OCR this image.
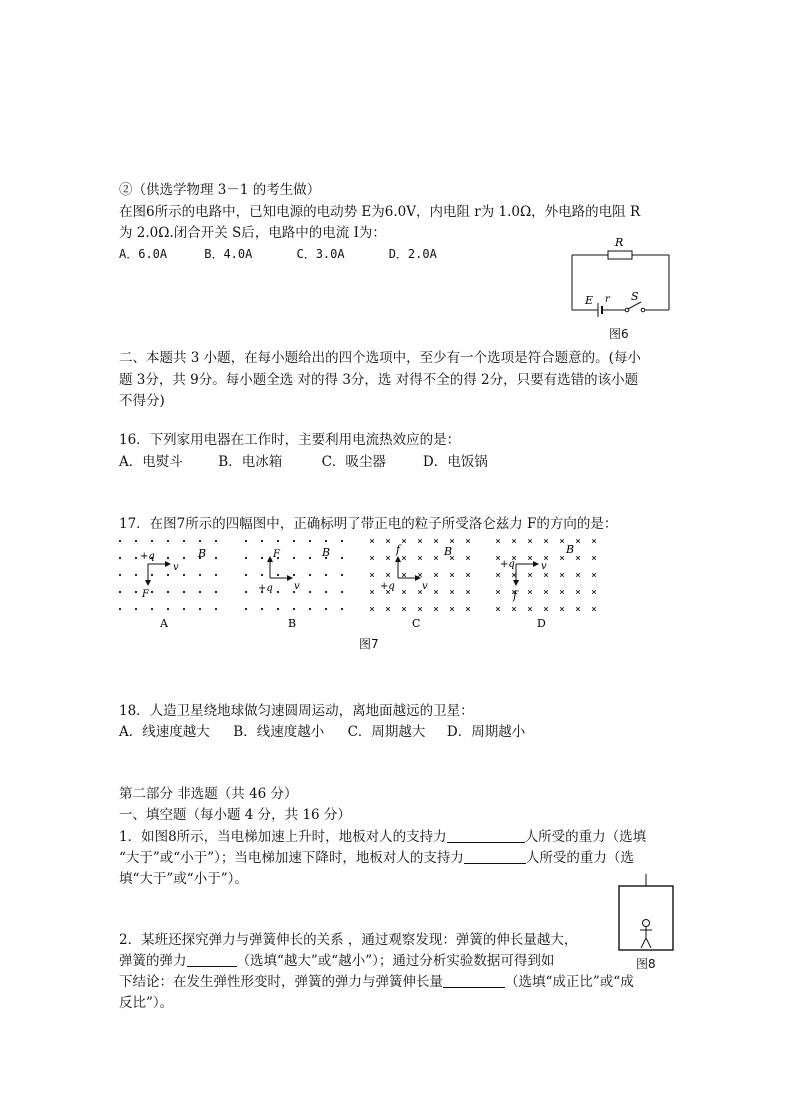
②（供选学物理 3－1 的考生做）
在图6所示的电路中，已知电源的电动势 E为6.0V，内电阻 r为 1.0Ω，外电路的电阻 R
为 2.0Ω.闭合开关 S后，电路中的电流 I为：
A．6.0A	B．4.0A	C．3.0A	D．2.0A
R
E r S
图6
二、本题共 3 小题，在每小题给出的四个选项中，至少有一个选项是符合题意的。(每小
题 3分，共 9分。每小题全选 对的得 3分，选 对得不全的得 2分，只要有选错的该小题
不得分)
16．下列家用电器在工作时，主要利用电流热效应的是：
A．电熨斗	B．电冰箱	C．吸尘器	D．电饭锅
17．在图7所示的四幅图中，正确标明了带正电的粒子所受洛仑兹力 F的方向的是：
+q
v
F
B
A
+q v
F	B
B
+q	v
f	B
C
+q	v
f
B
D
图7
18．人造卫星绕地球做匀速圆周运动，离地面越远的卫星：
A．线速度越大 B．线速度越小 C．周期越大 D．周期越小
第二部分 非选题（共 46 分）
一、填空题（每小题 4 分，共 16 分）
1．如图8所示，当电梯加速上升时，地板对人的支持力	人所受的重力（选填
“大于”或“小于”）；当电梯加速下降时，地板对人的支持力	人所受的重力（选
填“大于”或“小于”）。
图8
2．某班还探究弹力与弹簧伸长的关系 ，通过观察发现：弹簧的伸长量越大，
弹簧的弹力	（选填“越大”或“越小”）；通过分析实验数据可得到如
下结论：在发生弹性形变时，弹簧的弹力与弹簧伸长量	（选填“成正比”或“成
反比”）。
